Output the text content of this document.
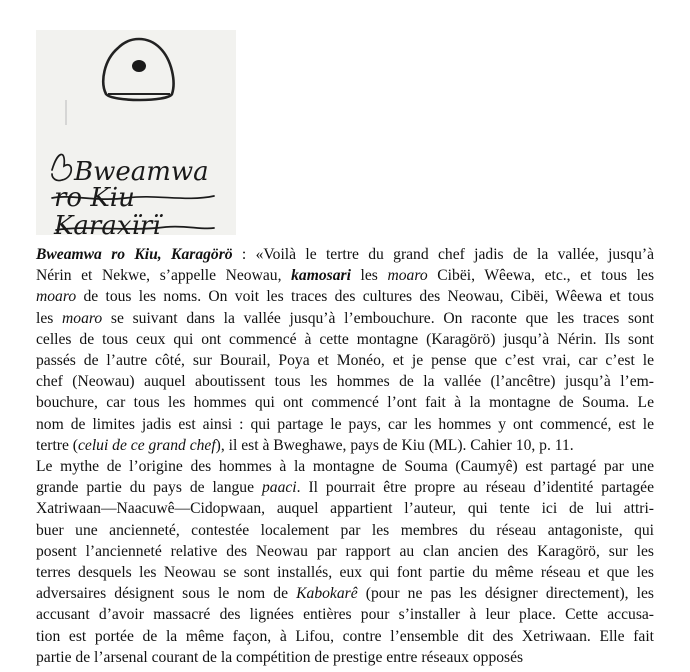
Bweamwa
ro Kiu
Karaxïrï
Bweamwa ro Kiu, Karagörö : «Voilà le tertre du grand chef jadis de la vallée, jusqu’à
Nérin et Nekwe, s’appelle Neowau, kamosari les moaro Cibëi, Wêewa, etc., et tous les
moaro de tous les noms. On voit les traces des cultures des Neowau, Cibëi, Wêewa et tous
les moaro se suivant dans la vallée jusqu’à l’embouchure. On raconte que les traces sont
celles de tous ceux qui ont commencé à cette montagne (Karagörö) jusqu’à Nérin. Ils sont
passés de l’autre côté, sur Bourail, Poya et Monéo, et je pense que c’est vrai, car c’est le
chef (Neowau) auquel aboutissent tous les hommes de la vallée (l’ancêtre) jusqu’à l’em-
bouchure, car tous les hommes qui ont commencé l’ont fait à la montagne de Souma. Le
nom de limites jadis est ainsi : qui partage le pays, car les hommes y ont commencé, est le
tertre (celui de ce grand chef), il est à Bweghawe, pays de Kiu (ML). Cahier 10, p. 11.
Le mythe de l’origine des hommes à la montagne de Souma (Caumyê) est partagé par une
grande partie du pays de langue paaci. Il pourrait être propre au réseau d’identité partagée
Xatriwaan—Naacuwê—Cidopwaan, auquel appartient l’auteur, qui tente ici de lui attri-
buer une ancienneté, contestée localement par les membres du réseau antagoniste, qui
posent l’ancienneté relative des Neowau par rapport au clan ancien des Karagörö, sur les
terres desquels les Neowau se sont installés, eux qui font partie du même réseau et que les
adversaires désignent sous le nom de Kabokarê (pour ne pas les désigner directement), les
accusant d’avoir massacré des lignées entières pour s’installer à leur place. Cette accusa-
tion est portée de la même façon, à Lifou, contre l’ensemble dit des Xetriwaan. Elle fait
partie de l’arsenal courant de la compétition de prestige entre réseaux opposés
